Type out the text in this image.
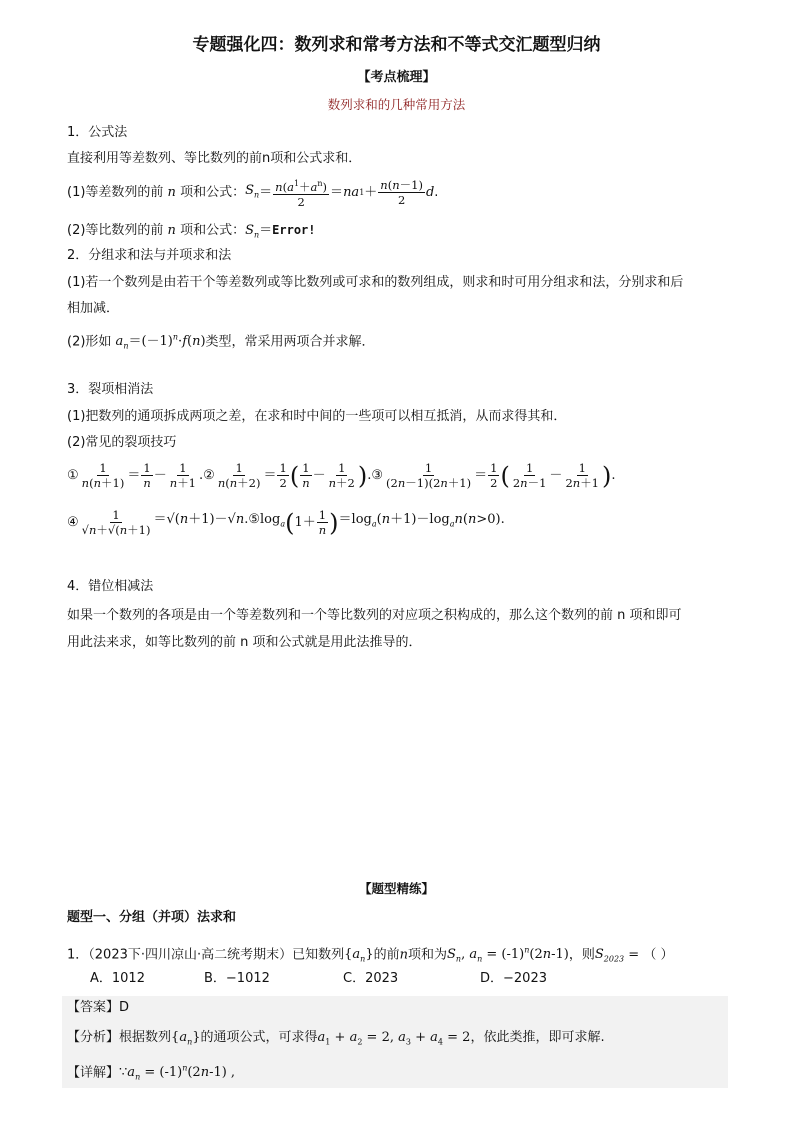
专题强化四：数列求和常考方法和不等式交汇题型归纳
【考点梳理】
数列求和的几种常用方法
1．公式法
直接利用等差数列、等比数列的前n项和公式求和．
(1)等差数列的前 n 项和公式： $S_n = \frac{n(a^1+a^n)}{2}$ ＝ na $1 + \frac{n(n-1)}{2}$ d .
(2)等比数列的前 n 项和公式：$S_n=Error$!
2．分组求和法与并项求和法
(1)若一个数列是由若干个等差数列或等比数列或可求和的数列组成，则求和时可用分组求和法，分别求和后
相加减．
(2)形如 $a_n=(-1)^n\cdot f(n)$类型，常采用两项合并求解．
3．裂项相消法
(1)把数列的通项拆成两项之差，在求和时中间的一些项可以相互抵消，从而求得其和．
(2)常见的裂项技巧
① $\frac{1}{n(n+1)} = \frac{1}{n} - \frac{1}{n+1}$ .② $\frac{1}{n(n+2)} = \frac{1}{2}$ ( $\frac{1}{n} - \frac{1}{n+2}$ ) .③ $\frac{1}{(2n-1)(2n+1)} = \frac{1}{2}$ ( $\frac{1}{2n-1} - \frac{1}{2n+1}$ ) .
④ $\frac{1}{√n+√(n+1)}$ $=√(n+1)-√n.⑤\log_a$ ( $1+ \frac{1}{n}$ ) $=\log_a(n+1)-\log_an(n>0)$.
4．错位相减法
如果一个数列的各项是由一个等差数列和一个等比数列的对应项之积构成的，那么这个数列的前 n 项和即可
用此法来求，如等比数列的前 n 项和公式就是用此法推导的．
【题型精练】
题型一、分组（并项）法求和
1．（2023下·四川凉山·高二统考期末）已知数列$\{a_n\}$的前n项和为$S_n$, $a_n = (-1)^n(2n-1)$，则$S_{2023}$ = （ ）
A．1012	B．−1012	C．2023	D．−2023
【答案】D
【分析】根据数列$\{a_n\}$的通项公式，可求得$a_1 + a_2 = 2$, $a_3 + a_4 = 2$，依此类推，即可求解.
【详解】$\because a_n = (-1)^n(2n-1)$ ,
